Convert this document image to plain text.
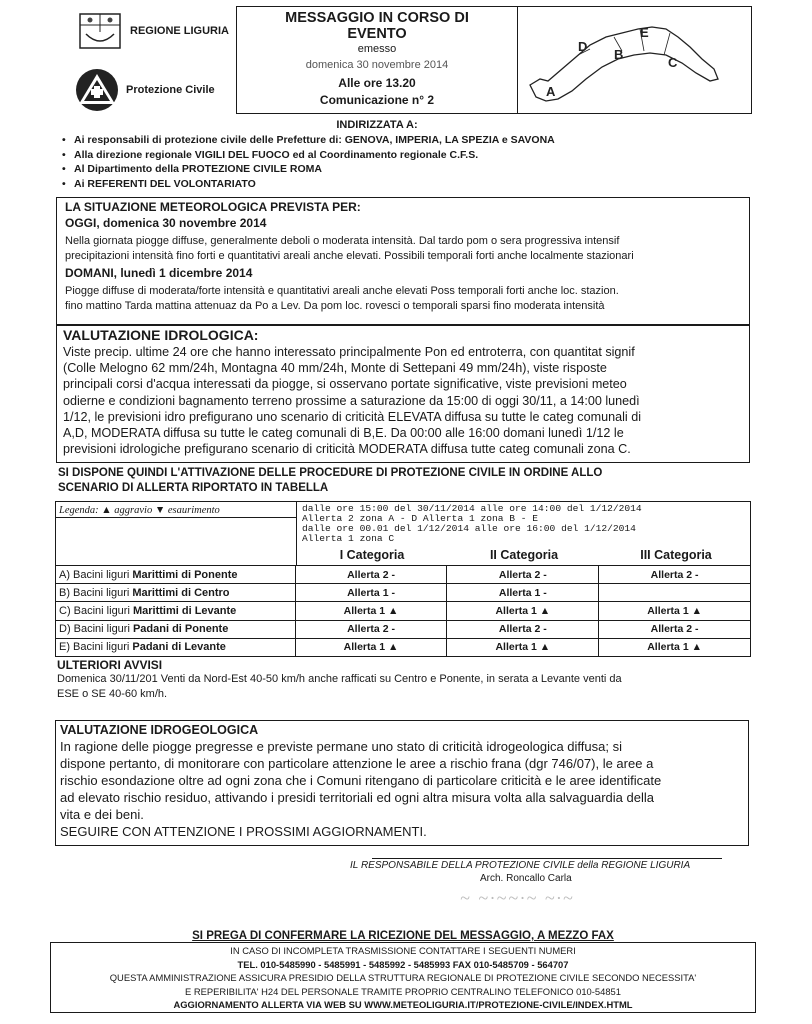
REGIONE LIGURIA
Protezione Civile
MESSAGGIO IN CORSO DI
EVENTO
emesso
domenica 30 novembre 2014
Alle ore 13.20
Comunicazione n° 2
A
B
C
D
E
INDIRIZZATA A:
• Ai responsabili di protezione civile delle Prefetture di: GENOVA, IMPERIA, LA SPEZIA e SAVONA
• Alla direzione regionale VIGILI DEL FUOCO ed al Coordinamento regionale C.F.S.
• Al Dipartimento della PROTEZIONE CIVILE ROMA
• Ai REFERENTI DEL VOLONTARIATO
LA SITUAZIONE METEOROLOGICA PREVISTA PER:
OGGI, domenica 30 novembre 2014
Nella giornata piogge diffuse, generalmente deboli o moderata intensità. Dal tardo pom o sera progressiva intensif
precipitazioni intensità fino forti e quantitativi areali anche elevati. Possibili temporali forti anche localmente stazionari
DOMANI, lunedì 1 dicembre 2014
Piogge diffuse di moderata/forte intensità e quantitativi areali anche elevati Poss temporali forti anche loc. stazion.
fino mattino Tarda mattina attenuaz da Po a Lev. Da pom loc. rovesci o temporali sparsi fino moderata intensità
VALUTAZIONE IDROLOGICA:
Viste precip. ultime 24 ore che hanno interessato principalmente Pon ed entroterra, con quantitat signif
(Colle Melogno 62 mm/24h, Montagna 40 mm/24h, Monte di Settepani 49 mm/24h), viste risposte
principali corsi d'acqua interessati da piogge, si osservano portate significative, viste previsioni meteo
odierne e condizioni bagnamento terreno prossime a saturazione da 15:00 di oggi 30/11, a 14:00 lunedì
1/12, le previsioni idro prefigurano uno scenario di criticità ELEVATA diffusa su tutte le categ comunali di
A,D, MODERATA diffusa su tutte le categ comunali di B,E. Da 00:00 alle 16:00 domani lunedì 1/12 le
previsioni idrologiche prefigurano scenario di criticità MODERATA diffusa tutte categ comunali zona C.
SI DISPONE QUINDI L'ATTIVAZIONE DELLE PROCEDURE DI PROTEZIONE CIVILE IN ORDINE ALLO
SCENARIO DI ALLERTA RIPORTATO IN TABELLA
Legenda: ▲ aggravio ▼ esaurimento	dalle ore 15:00 del 30/11/2014 alle ore 14:00 del 1/12/2014
Allerta 2 zona A - D Allerta 1 zona B - E
dalle ore 00.01 del 1/12/2014 alle ore 16:00 del 1/12/2014
Allerta 1 zona C
I Categoria	II Categoria	III Categoria
A) Bacini liguri Marittimi di Ponente	Allerta 2 -	Allerta 2 -	Allerta 2 -
B) Bacini liguri Marittimi di Centro	Allerta 1 -	Allerta 1 -	
C) Bacini liguri Marittimi di Levante	Allerta 1 ▲	Allerta 1 ▲	Allerta 1 ▲
D) Bacini liguri Padani di Ponente	Allerta 2 -	Allerta 2 -	Allerta 2 -
E) Bacini liguri Padani di Levante	Allerta 1 ▲	Allerta 1 ▲	Allerta 1 ▲
ULTERIORI AVVISI
Domenica 30/11/201 Venti da Nord-Est 40-50 km/h anche rafficati su Centro e Ponente, in serata a Levante venti da
ESE o SE 40-60 km/h.
VALUTAZIONE IDROGEOLOGICA
In ragione delle piogge pregresse e previste permane uno stato di criticità idrogeologica diffusa; si
dispone pertanto, di monitorare con particolare attenzione le aree a rischio frana (dgr 746/07), le aree a
rischio esondazione oltre ad ogni zona che i Comuni ritengano di particolare criticità e le aree identificate
ad elevato rischio residuo, attivando i presidi territoriali ed ogni altra misura volta alla salvaguardia della
vita e dei beni.
SEGUIRE CON ATTENZIONE I PROSSIMI AGGIORNAMENTI.
IL RESPONSABILE DELLA PROTEZIONE CIVILE della REGIONE LIGURIA
Arch. Roncallo Carla
~ ~·~~·~ ~·~
SI PREGA DI CONFERMARE LA RICEZIONE DEL MESSAGGIO, A MEZZO FAX
IN CASO DI INCOMPLETA TRASMISSIONE CONTATTARE I SEGUENTI NUMERI
TEL. 010-5485990 - 5485991 - 5485992 - 5485993 FAX 010-5485709 - 564707
QUESTA AMMINISTRAZIONE ASSICURA PRESIDIO DELLA STRUTTURA REGIONALE DI PROTEZIONE CIVILE SECONDO NECESSITA'
E REPERIBILITA' H24 DEL PERSONALE TRAMITE PROPRIO CENTRALINO TELEFONICO 010-54851
AGGIORNAMENTO ALLERTA VIA WEB SU WWW.METEOLIGURIA.IT/PROTEZIONE-CIVILE/INDEX.HTML
